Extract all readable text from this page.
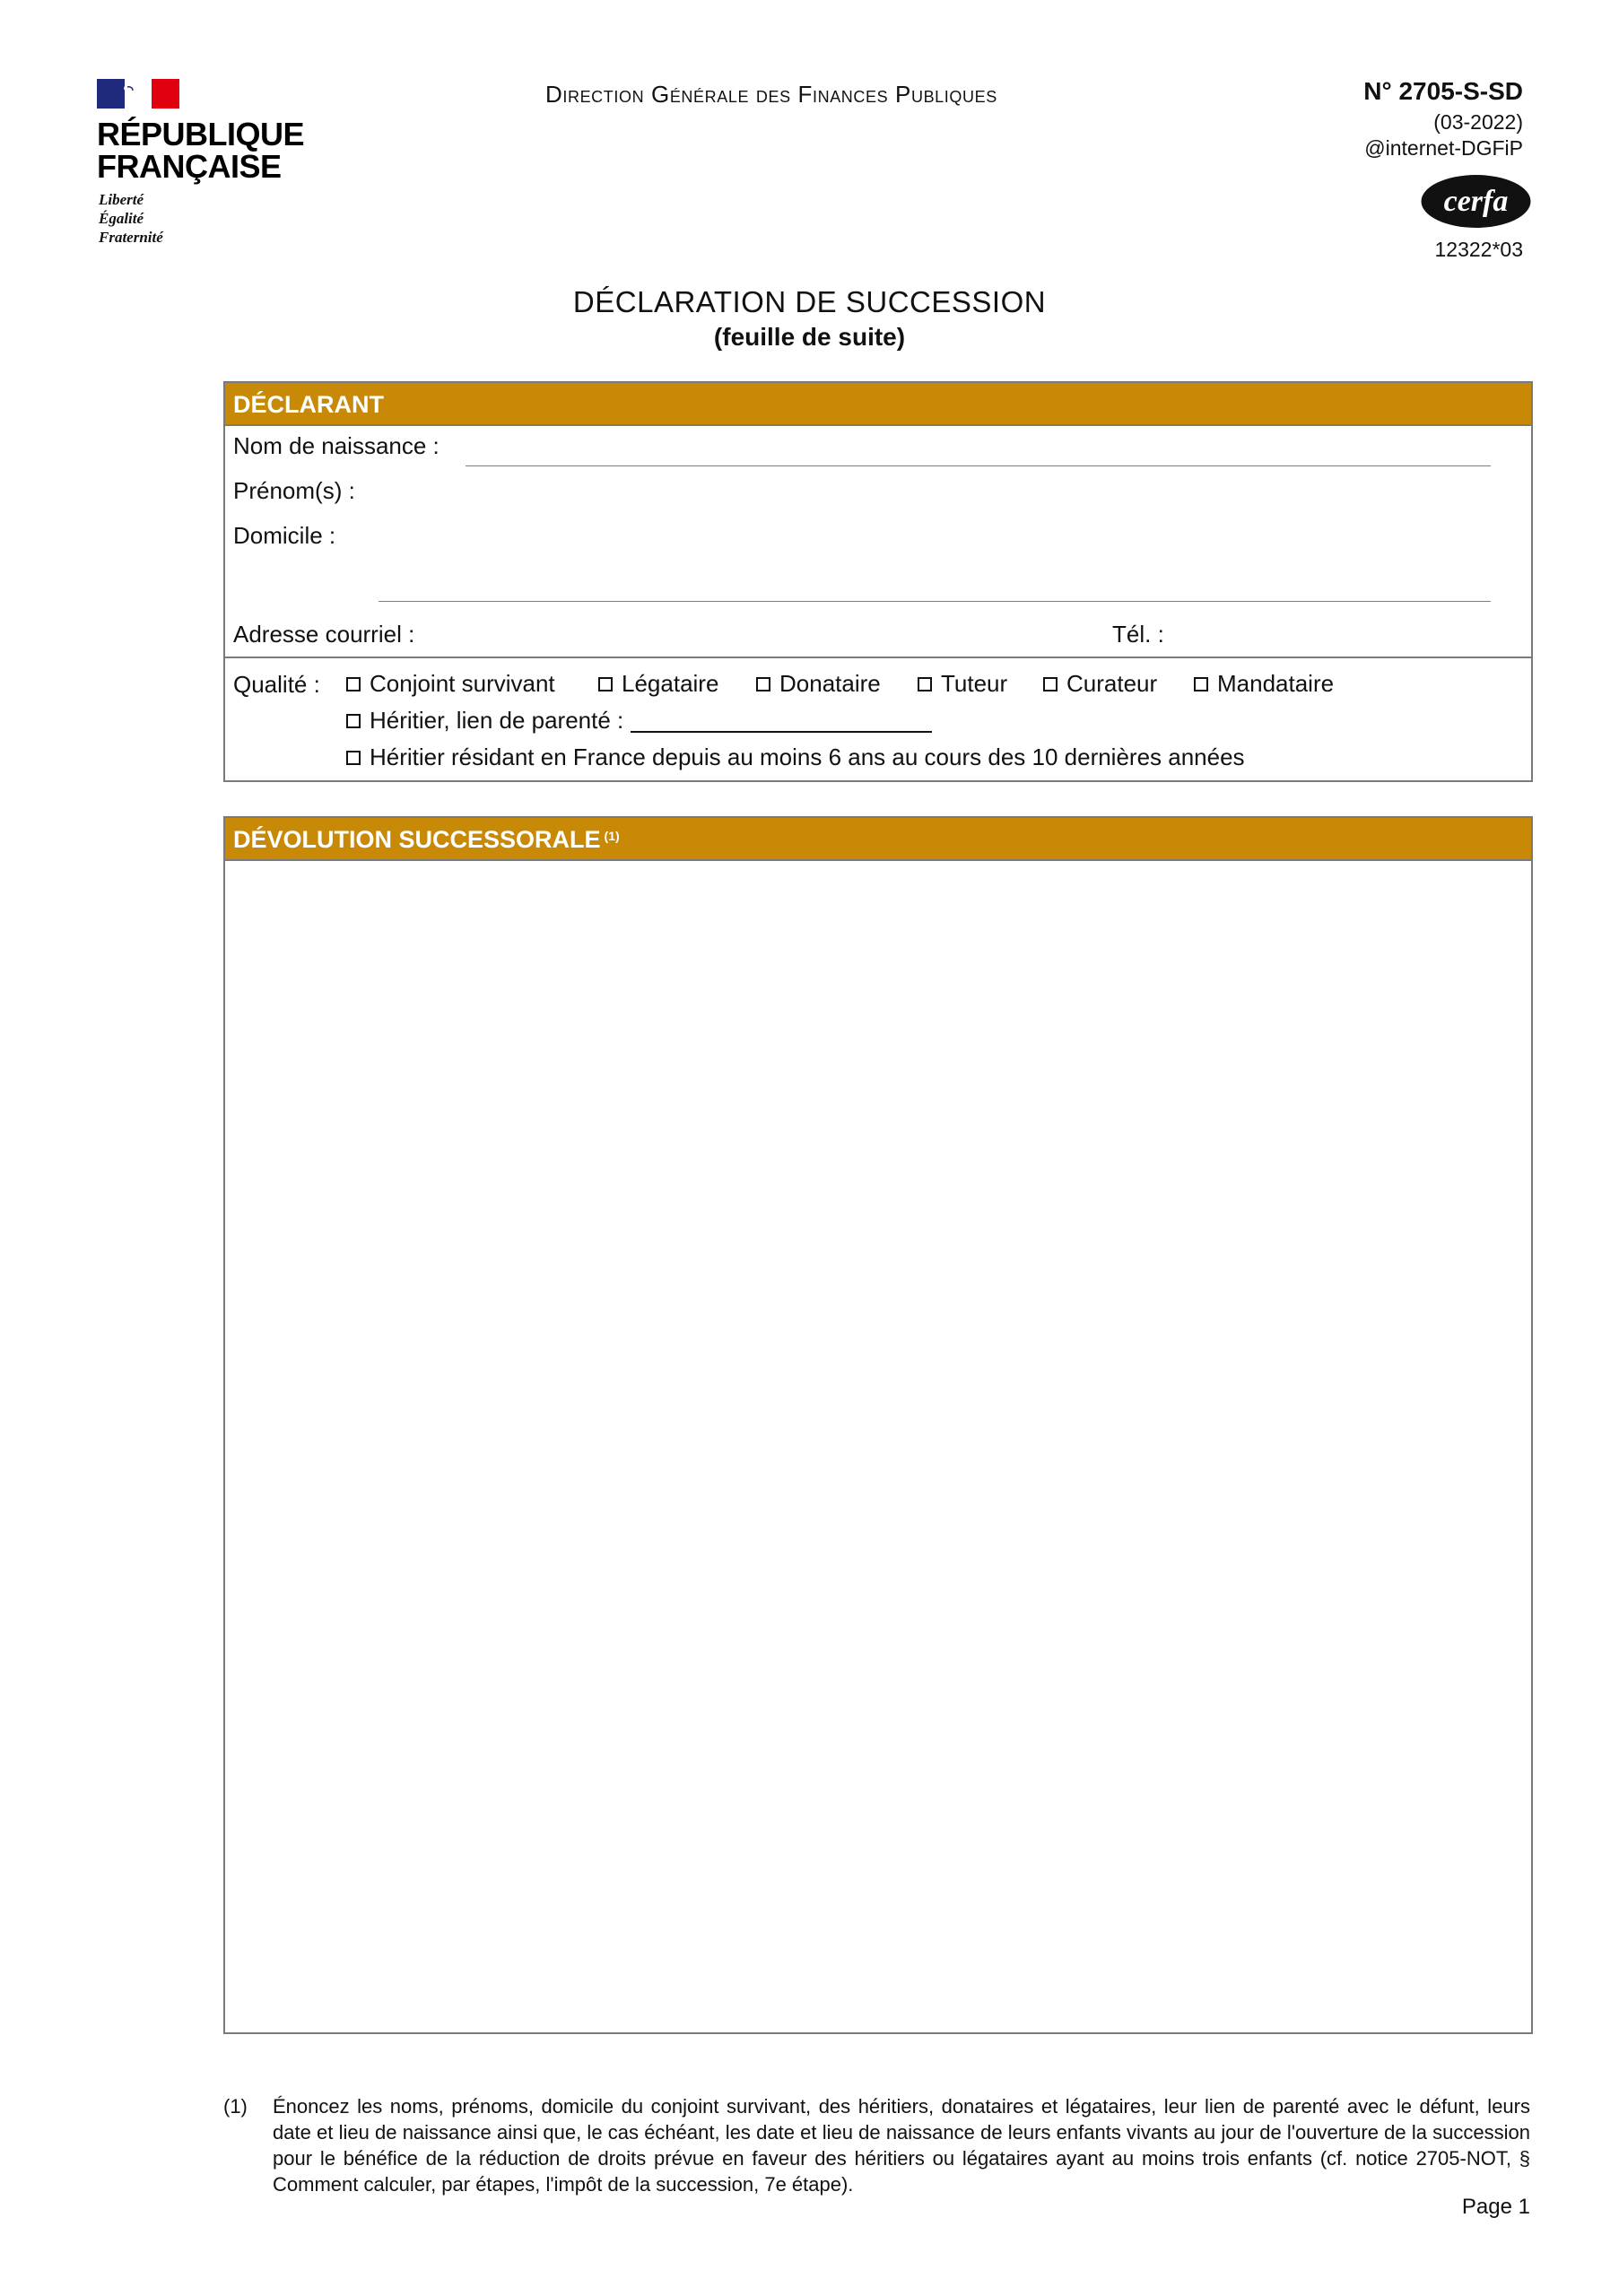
RÉPUBLIQUE
FRANÇAISE
Liberté
Égalité
Fraternité
Direction Générale des Finances Publiques	N° 2705-S-SD
(03-2022)
@internet-DGFiP
cerfa
12322*03
DÉCLARATION DE SUCCESSION
(feuille de suite)
DÉCLARANT
Nom de naissance :
Prénom(s) :
Domicile :
Adresse courriel :	Tél. :
Qualité : Conjoint survivant	Légataire	Donataire	Tuteur	Curateur	Mandataire
Héritier, lien de parenté :
Héritier résidant en France depuis au moins 6 ans au cours des 10 dernières années
DÉVOLUTION SUCCESSORALE $^{(1)}$
(1) Énoncez les noms, prénoms, domicile du conjoint survivant, des héritiers, donataires et légataires, leur lien de parenté avec le défunt, leurs date et lieu de naissance ainsi que, le cas échéant, les date et lieu de naissance de leurs enfants vivants au jour de l'ouverture de la succession pour le bénéfice de la réduction de droits prévue en faveur des héritiers ou légataires ayant au moins trois enfants (cf. notice 2705-NOT, § Comment calculer, par étapes, l'impôt de la succession, 7e étape).
Page 1
